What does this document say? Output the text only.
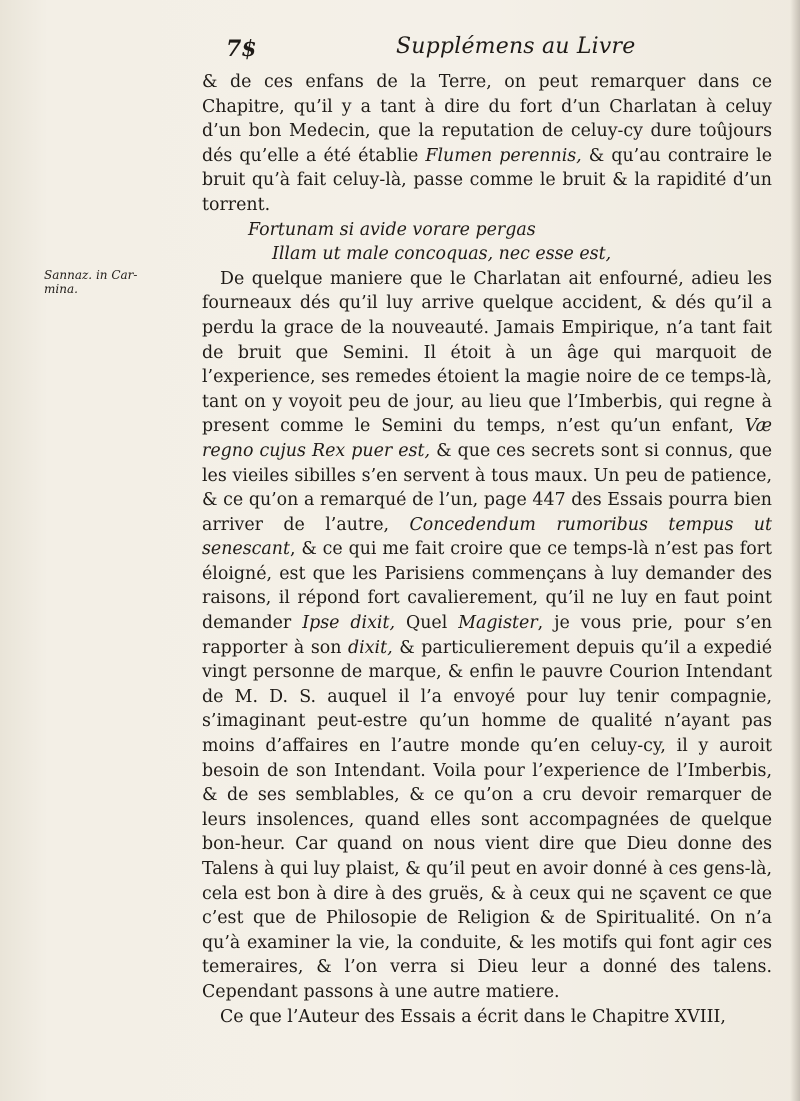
7$	Supplémens au Livre
Sannaz. in Car-
mina.

& de ces enfans de la Terre, on peut remarquer dans ce Chapitre, qu’il y a tant à dire du fort d’un Charlatan à celuy d’un bon Medecin, que la reputation de celuy-cy dure toûjours dés qu’elle a été établie Flumen perennis, & qu’au contraire le bruit qu’à fait celuy-là, passe comme le bruit & la rapidité d’un torrent.

Fortunam si avide vorare pergas
Illam ut male concoquas, nec esse est,

De quelque maniere que le Charlatan ait enfourné, adieu les fourneaux dés qu’il luy arrive quelque accident, & dés qu’il a perdu la grace de la nouveauté. Jamais Empirique, n’a tant fait de bruit que Semini. Il étoit à un âge qui marquoit de l’experience, ses remedes étoient la magie noire de ce temps-là, tant on y voyoit peu de jour, au lieu que l’Imberbis, qui regne à present comme le Semini du temps, n’est qu’un enfant, Væ regno cujus Rex puer est, & que ces secrets sont si connus, que les vieiles sibilles s’en servent à tous maux. Un peu de patience, & ce qu’on a remarqué de l’un, page 447 des Essais pourra bien arriver de l’autre, Concedendum rumoribus tempus ut senescant, & ce qui me fait croire que ce temps-là n’est pas fort éloigné, est que les Parisiens commençans à luy demander des raisons, il répond fort cavalierement, qu’il ne luy en faut point demander Ipse dixit, Quel Magister, je vous prie, pour s’en rapporter à son dixit, & particulierement depuis qu’il a expedié vingt personne de marque, & enfin le pauvre Courion Intendant de M. D. S. auquel il l’a envoyé pour luy tenir compagnie, s’imaginant peut-estre qu’un homme de qualité n’ayant pas moins d’affaires en l’autre monde qu’en celuy-cy, il y auroit besoin de son Intendant. Voila pour l’experience de l’Imberbis, & de ses semblables, & ce qu’on a cru devoir remarquer de leurs insolences, quand elles sont accompagnées de quelque bon-heur. Car quand on nous vient dire que Dieu donne des Talens à qui luy plaist, & qu’il peut en avoir donné à ces gens-là, cela est bon à dire à des gruës, & à ceux qui ne sçavent ce que c’est que de Philosopie de Religion & de Spiritualité. On n’a qu’à examiner la vie, la conduite, & les motifs qui font agir ces temeraires, & l’on verra si Dieu leur a donné des talens. Cependant passons à une autre matiere.

Ce que l’Auteur des Essais a écrit dans le Chapitre XVIII,
